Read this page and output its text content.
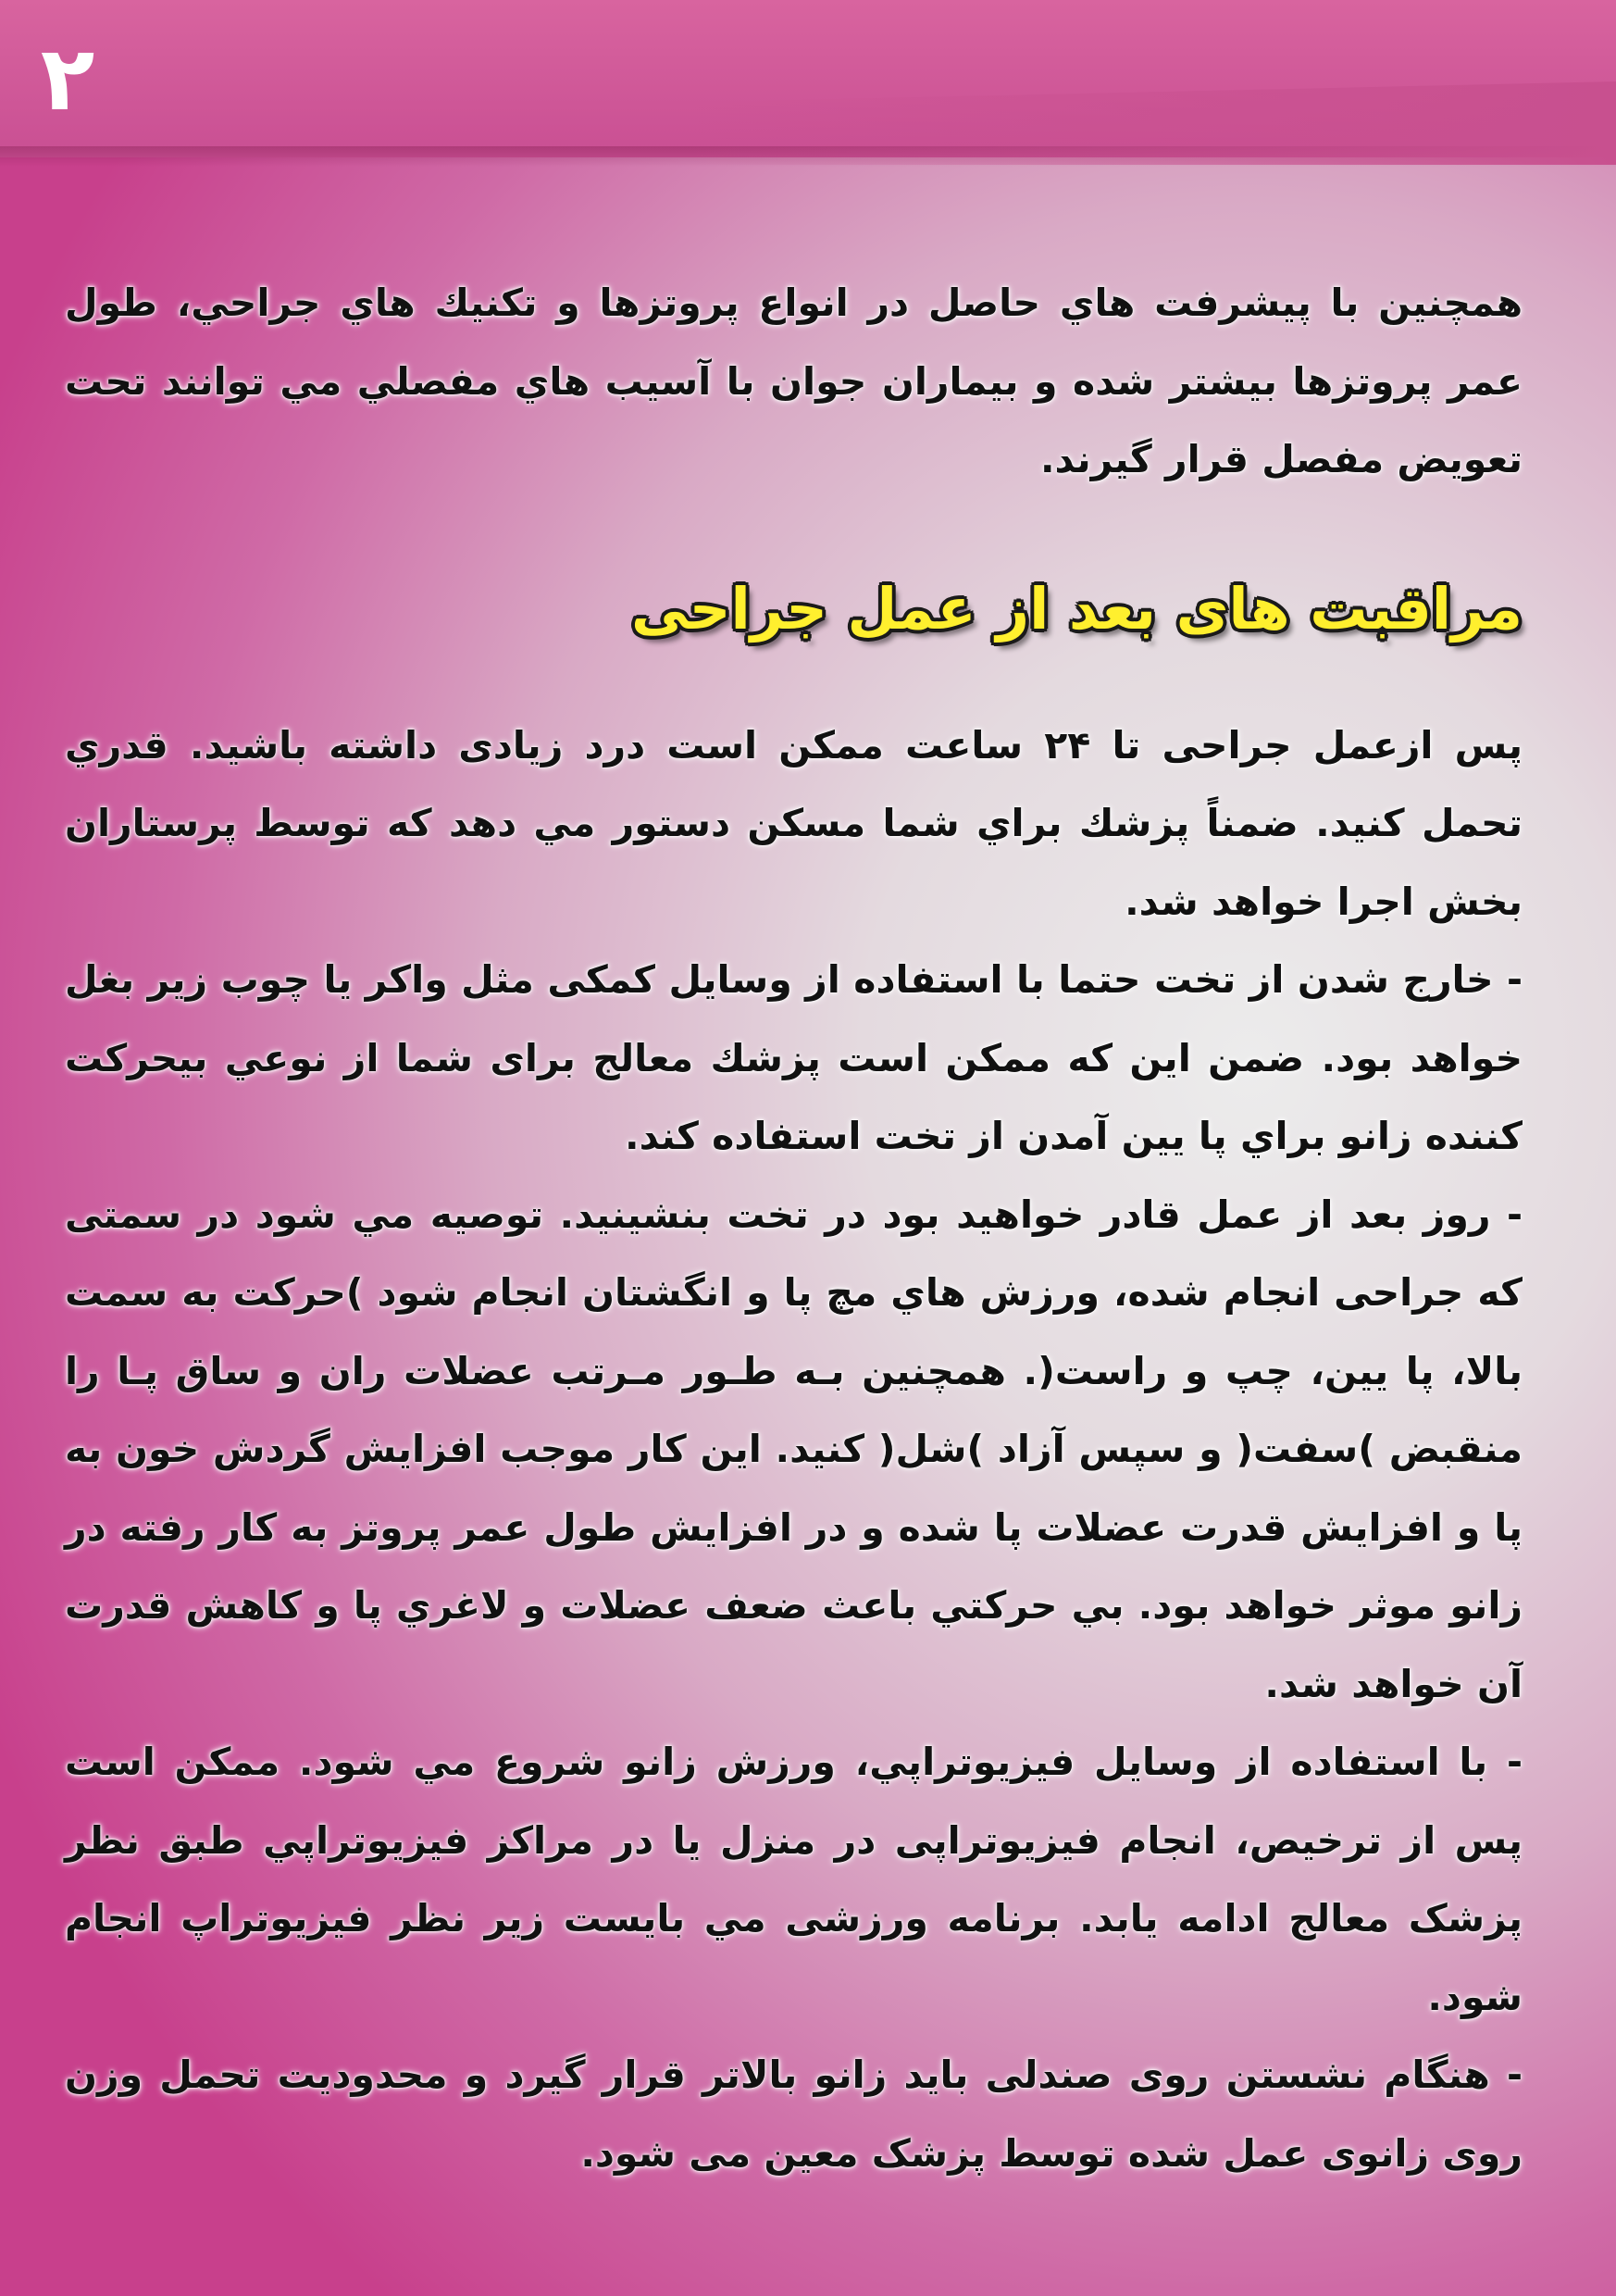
۲

همچنين با پيشرفت هاي حاصل در انواع پروتزها و تكنيك هاي جراحي، طول عمر پروتزها بيشتر شده و بيماران جوان با آسيب هاي مفصلي مي توانند تحت تعويض مفصل قرار گيرند.

مراقبت های بعد از عمل جراحی

پس ازعمل جراحی تا ۲۴ ساعت ممكن است درد زیادی داشته باشید. قدري تحمل كنید. ضمناً پزشك براي شما مسكن دستور مي دهد كه توسط پرستاران بخش اجرا خواهد شد.

- خارج شدن از تخت حتما با استفاده از وسایل كمكی مثل واكر یا چوب زیر بغل خواهد بود. ضمن این كه ممكن است پزشك معالج برای شما از نوعي بیحركت كننده زانو براي پا یین آمدن از تخت استفاده كند.

- روز بعد از عمل قادر خواهید بود در تخت بنشینید. توصیه مي شود در سمتی كه جراحی انجام شده، ورزش هاي مچ پا و انگشتان انجام شود )حركت به سمت بالا، پا یین، چپ و راست(. همچنین بـه طـور مـرتب عضلات ران و ساق پـا را منقبض )سفت( و سپس آزاد )شل( كنید. این كار موجب افزایش گردش خون به پا و افزایش قدرت عضلات پا شده و در افزایش طول عمر پروتز به كار رفته در زانو موثر خواهد بود. بي حركتي باعث ضعف عضلات و لاغري پا و كاهش قدرت آن خواهد شد.

- با استفاده از وسایل فیزیوتراپي، ورزش زانو شروع مي شود. ممكن است پس از ترخیص، انجام فیزیوتراپی در منزل یا در مراكز فیزیوتراپي طبق نظر پزشک معالج ادامه یابد. برنامه ورزشی مي بایست زیر نظر فیزیوتراپ انجام شود.

- هنگام نشستن روی صندلی باید زانو بالاتر قرار گیرد و محدودیت تحمل وزن روی زانوی عمل شده توسط پزشک معین می شود.
